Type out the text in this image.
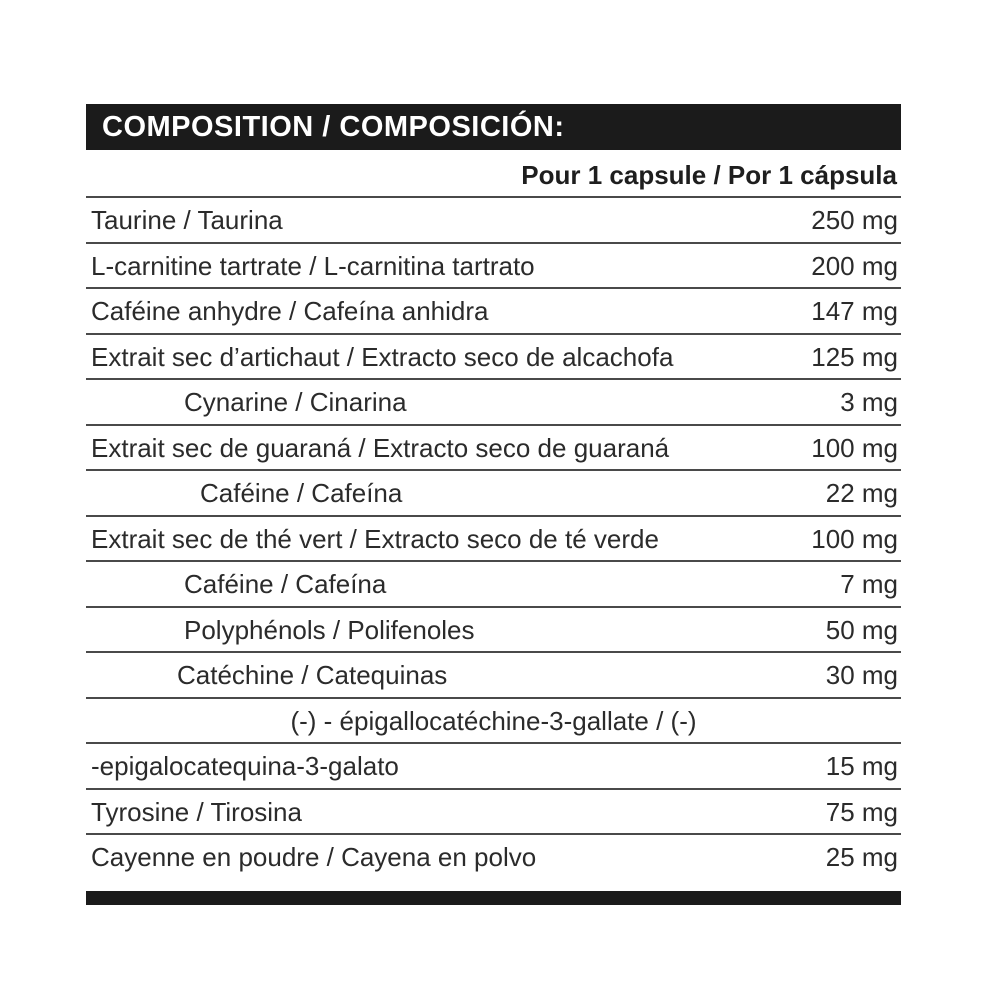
COMPOSITION / COMPOSICIÓN:
Pour 1 capsule / Por 1 cápsula
Taurine / Taurina	250 mg
L-carnitine tartrate / L-carnitina tartrato	200 mg
Caféine anhydre / Cafeína anhidra	147 mg
Extrait sec d’artichaut / Extracto seco de alcachofa	125 mg
Cynarine / Cinarina	3 mg
Extrait sec de guaraná / Extracto seco de guaraná	100 mg
Caféine / Cafeína	22 mg
Extrait sec de thé vert / Extracto seco de té verde	100 mg
Caféine / Cafeína	7 mg
Polyphénols / Polifenoles	50 mg
Catéchine / Catequinas	30 mg
(-) - épigallocatéchine-3-gallate / (-)
-epigalocatequina-3-galato	15 mg
Tyrosine / Tirosina	75 mg
Cayenne en poudre / Cayena en polvo	25 mg
